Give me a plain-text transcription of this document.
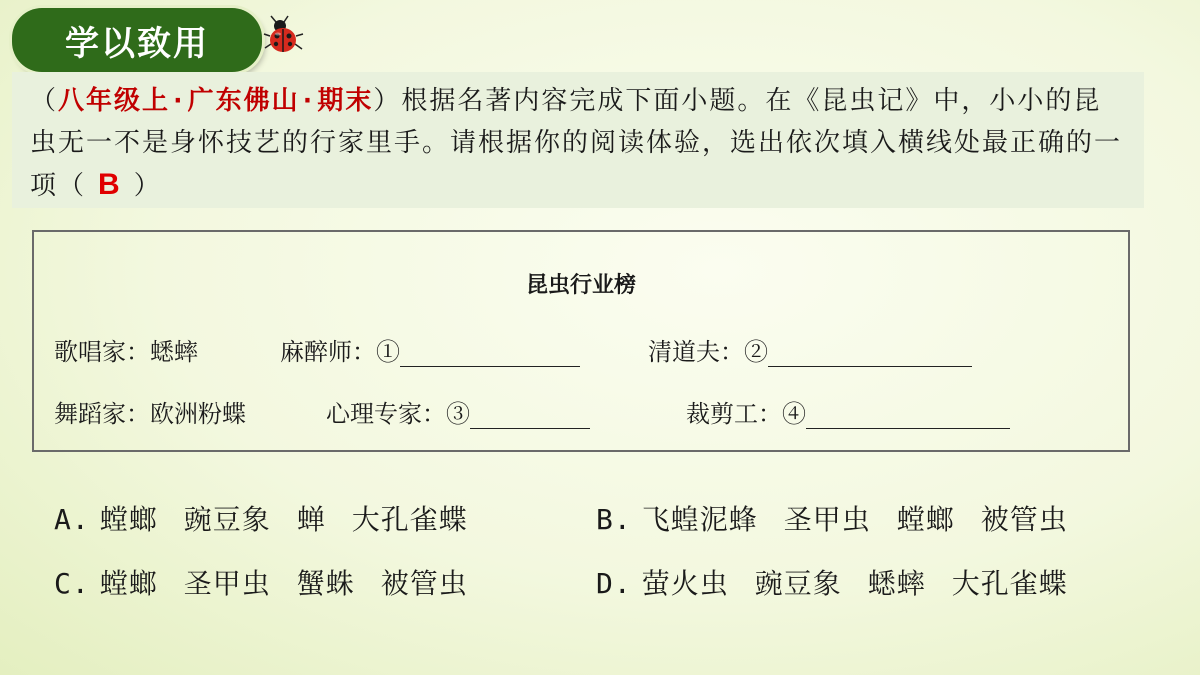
学以致用
（八年级上·广东佛山·期末）根据名著内容完成下面小题。在《昆虫记》中，小小的昆虫无一不是身怀技艺的行家里手。请根据你的阅读体验，选出依次填入横线处最正确的一项（ B ）
昆虫行业榜
歌唱家：蟋蟀	麻醉师：①	清道夫：②
舞蹈家：欧洲粉蝶	心理专家：③	裁剪工：④
A. 螳螂 豌豆象 蝉 大孔雀蝶	B. 飞蝗泥蜂 圣甲虫 螳螂 被管虫
C. 螳螂 圣甲虫 蟹蛛 被管虫	D. 萤火虫 豌豆象 蟋蟀 大孔雀蝶
